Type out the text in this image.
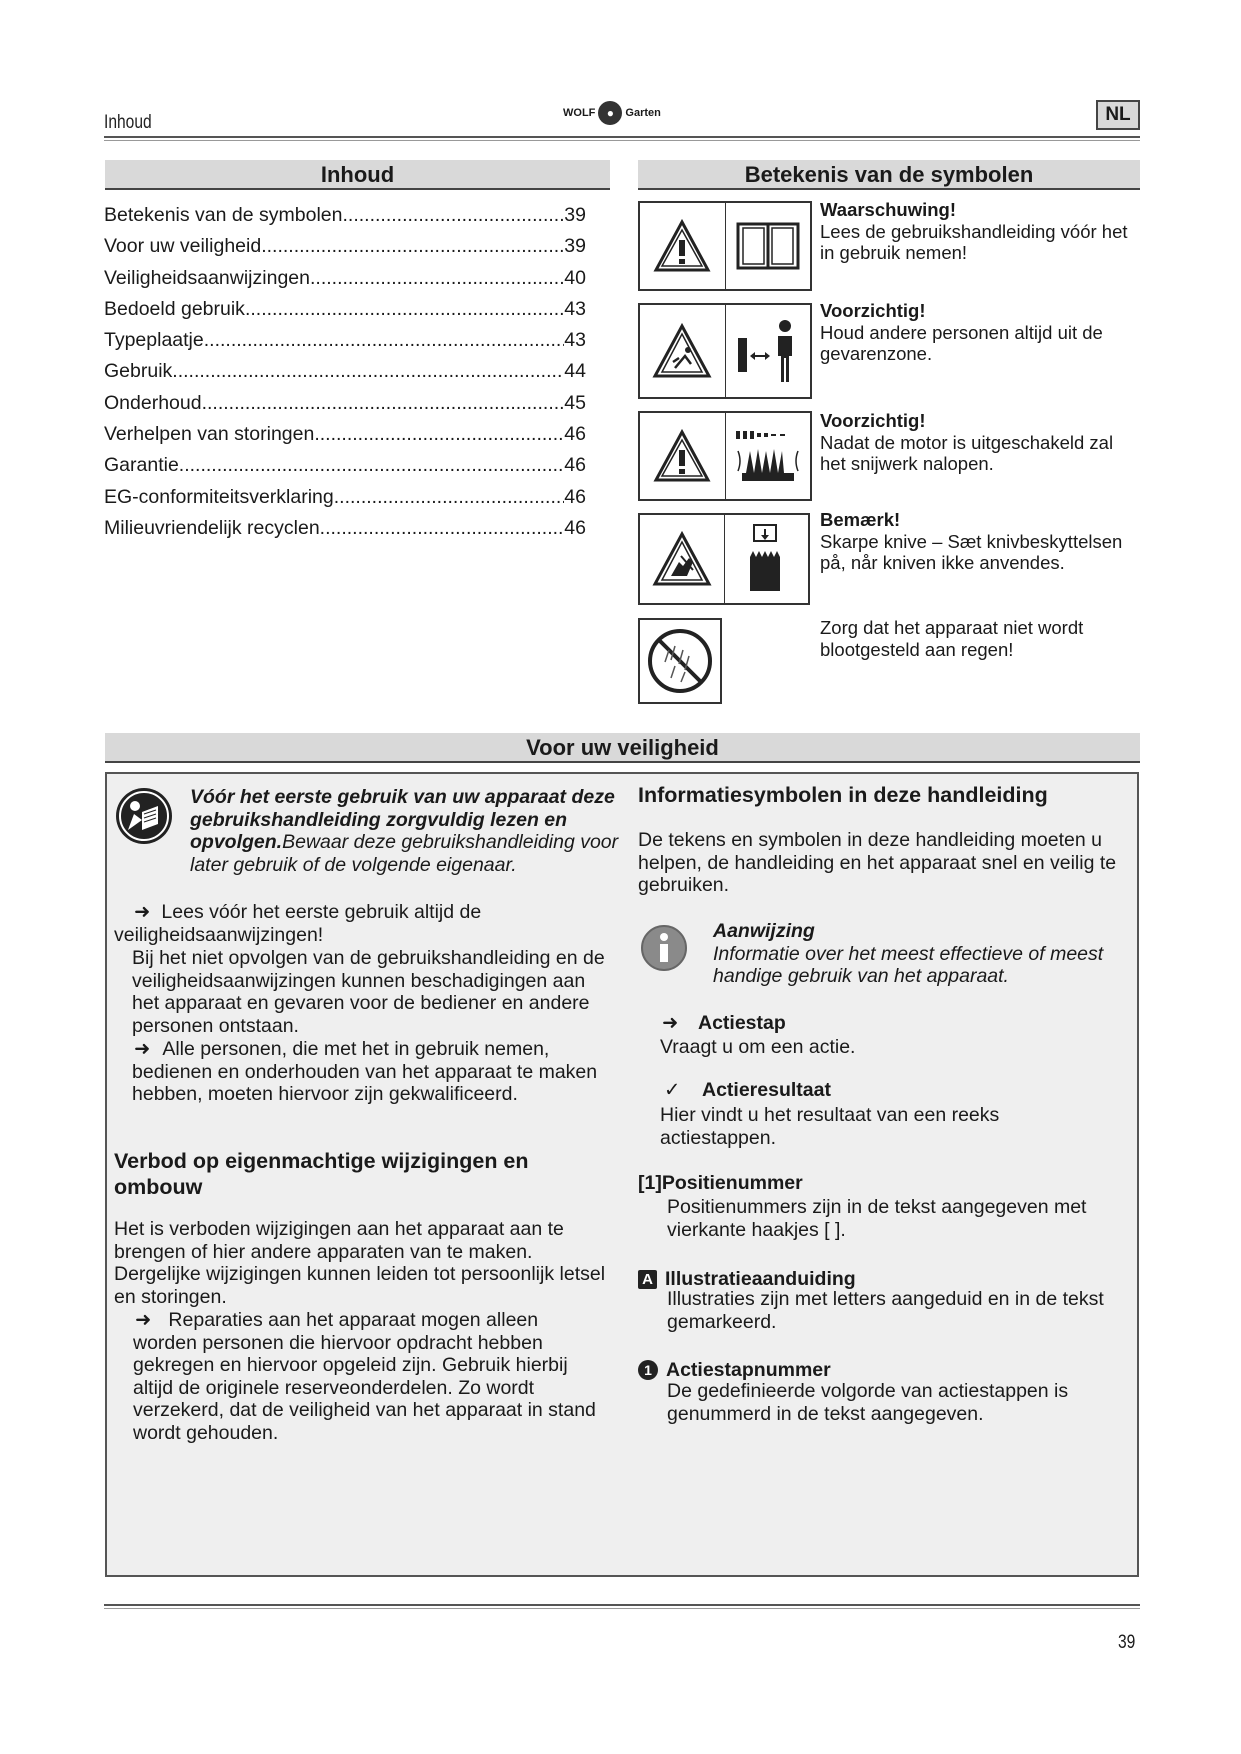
Inhoud	WOLF ●	Garten	NL
Inhoud
Betekenis van de symbolen .....	39
Voor uw veiligheid .....	39
Veiligheidsaanwijzingen .....	40
Bedoeld gebruik .....	43
Typeplaatje .....	43
Gebruik .....	44
Onderhoud .....	45
Verhelpen van storingen .....	46
Garantie .....	46
EG-conformiteitsverklaring .....	46
Milieuvriendelijk recyclen .....	46
Betekenis van de symbolen
Waarschuwing!
Lees de gebruikshandleiding vóór het in gebruik nemen!
Voorzichtig!
Houd andere personen altijd uit de gevarenzone.
Voorzichtig!
Nadat de motor is uitgeschakeld zal het snijwerk nalopen.
Bemærk!
Skarpe knive – Sæt knivbeskyttelsen på, når kniven ikke anvendes.
Zorg dat het apparaat niet wordt blootgesteld aan regen!
Voor uw veiligheid
Vóór het eerste gebruik van uw apparaat deze gebruikshandleiding zorgvuldig lezen en opvolgen.Bewaar deze gebruikshandleiding voor later gebruik of de volgende eigenaar.
➜ Lees vóór het eerste gebruik altijd de veiligheidsaanwijzingen!
Bij het niet opvolgen van de gebruikshandleiding en de veiligheidsaanwijzingen kunnen beschadigingen aan het apparaat en gevaren voor de bediener en andere personen ontstaan.
➜ Alle personen, die met het in gebruik nemen, bedienen en onderhouden van het apparaat te maken hebben, moeten hiervoor zijn gekwalificeerd.
Verbod op eigenmachtige wijzigingen en ombouw
Het is verboden wijzigingen aan het apparaat aan te brengen of hier andere apparaten van te maken. Dergelijke wijzigingen kunnen leiden tot persoonlijk letsel en storingen.
➜ Reparaties aan het apparaat mogen alleen worden personen die hiervoor opdracht hebben gekregen en hiervoor opgeleid zijn. Gebruik hierbij altijd de originele reserveonderdelen. Zo wordt verzekerd, dat de veiligheid van het apparaat in stand wordt gehouden.
Informatiesymbolen in deze handleiding
De tekens en symbolen in deze handleiding moeten u helpen, de handleiding en het apparaat snel en veilig te gebruiken.
Aanwijzing
Informatie over het meest effectieve of meest handige gebruik van het apparaat.
➜ Actiestap
Vraagt u om een actie.
✓ Actieresultaat
Hier vindt u het resultaat van een reeks actiestappen.
[1]Positienummer
Positienummers zijn in de tekst aangegeven met vierkante haakjes [ ].
A Illustratieaanduiding
Illustraties zijn met letters aangeduid en in de tekst gemarkeerd.
1 Actiestapnummer
De gedefinieerde volgorde van actiestappen is genummerd in de tekst aangegeven.
39
